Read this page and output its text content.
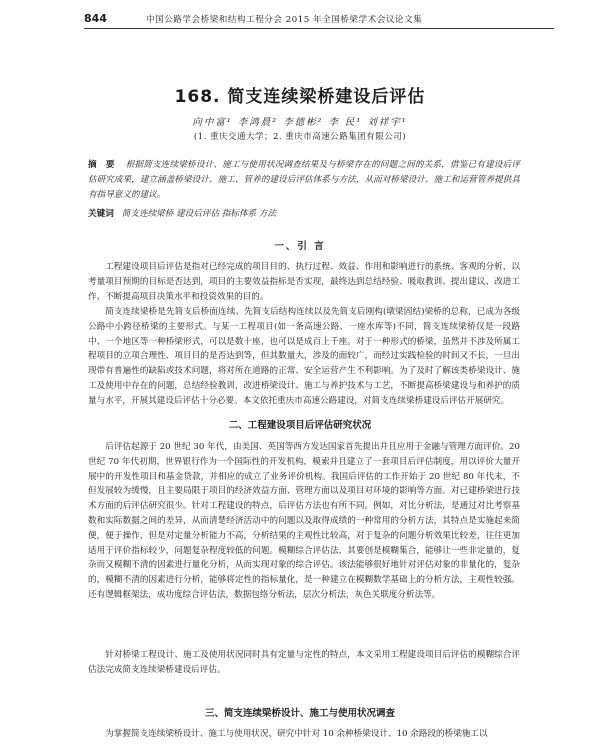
844	中国公路学会桥梁和结构工程分会 2015 年全国桥梁学术会议论文集
168. 简支连续梁桥建设后评估
向中富¹ 李鸿晨² 李德彬² 李 民¹ 刘祥宇¹
(1. 重庆交通大学；2. 重庆市高速公路集团有限公司)
摘 要 根据简支连续梁桥设计、施工与使用状况调查结果及与桥梁存在的问题之间的关系，借鉴已有建设后评估研究成果，建立涵盖桥梁设计、施工、管养的建设后评估体系与方法，从而对桥梁设计、施工和运营管养提供具有指导意义的建议。
关键词 简支连续梁桥 建设后评估 指标体系 方法
一、引 言
工程建设项目后评估是指对已经完成的项目目的、执行过程、效益、作用和影响进行的系统、客观的分析，以考量项目预期的目标是否达到，项目的主要效益指标是否实现，最终达到总结经验、吸取教训、提出建议、改进工作、不断提高项目决策水平和投资效果的目的。
简支连续梁桥是先简支后桥面连续、先简支后结构连续以及先简支后刚构(墩梁固结)梁桥的总称，已成为各级公路中小跨径桥梁的主要形式。与某一工程项目(如一条高速公路、一座水库等)不同，简支连续梁桥仅是一段路中、一个地区等一种桥梁形式，可以是数十座，也可以是成百上千座。对于一种形式的桥梁，虽然并不涉及所属工程项目的立项合理性、项目目的是否达到等，但其数量大，涉及的面较广，而经过实践检验的时间又不长，一旦出现带有普遍性的缺陷或技术问题，将对所在道路的正常、安全运营产生不利影响。为了及时了解该类桥梁设计、施工及使用中存在的问题，总结经验教训，改进桥梁设计、施工与养护技术与工艺，不断提高桥梁建设与和养护的质量与水平，开展其建设后评估十分必要。本文依托重庆市高速公路建设，对简支连续梁桥建设后评估开展研究。
二、工程建设项目后评估研究状况
后评估起源于 20 世纪 30 年代，由美国、英国等西方发达国家首先提出并且应用于金融与管理方面评价。20 世纪 70 年代初期，世界银行作为一个国际性的开发机构，模索并且建立了一套项目后评估制度，用以评价大量开展中的开发性项目和基金贷款，并相应的成立了业务评价机构。我国后评估的工作开始于 20 世纪 80 年代末，不但发展较为缓慢，且主要局限于项目的经济效益方面、管理方面以及项目对环境的影响等方面。对已建桥梁进行技术方面的后评估研究很少。针对工程建设的特点，后评估方法也有所不同。例如，对比分析法，是通过对比考察基数和实际数据之间的差异，从而清楚经济活动中的问题以及取得成绩的一种常用的分析方法，其特点是实施起来简便，便于操作，但是对定量分析能力不高，分析结果的主观性比较高，对于复杂的问题分析效果比较差，往往更加适用于评价指标较少，问题复杂程度较低的问题。模糊综合评估法，其要创是模糊集合，能够让一些非定量的，复杂而又模糊不清的因素进行量化分析，从而实现对象的综合评估。该法能够很好地针对评估对象的非量化的，复杂的，模糊不清的因素进行分析，能够将定性的指标量化，是一种建立在模糊数学基础上的分析方法，主观性较强。还有逻辑框架法，成功度综合评估法，数据包络分析法，层次分析法，灰色关联度分析法等。
针对桥梁工程设计、施工及使用状况同时具有定量与定性的特点，本文采用工程建设项目后评估的模糊综合评估法完成简支连续梁桥建设后评估。
三、简支连续梁桥设计、施工与使用状况调查
为掌握简支连续梁桥设计、施工与使用状况，研究中针对 10 余种桥梁设计、10 余路段的桥梁施工以
